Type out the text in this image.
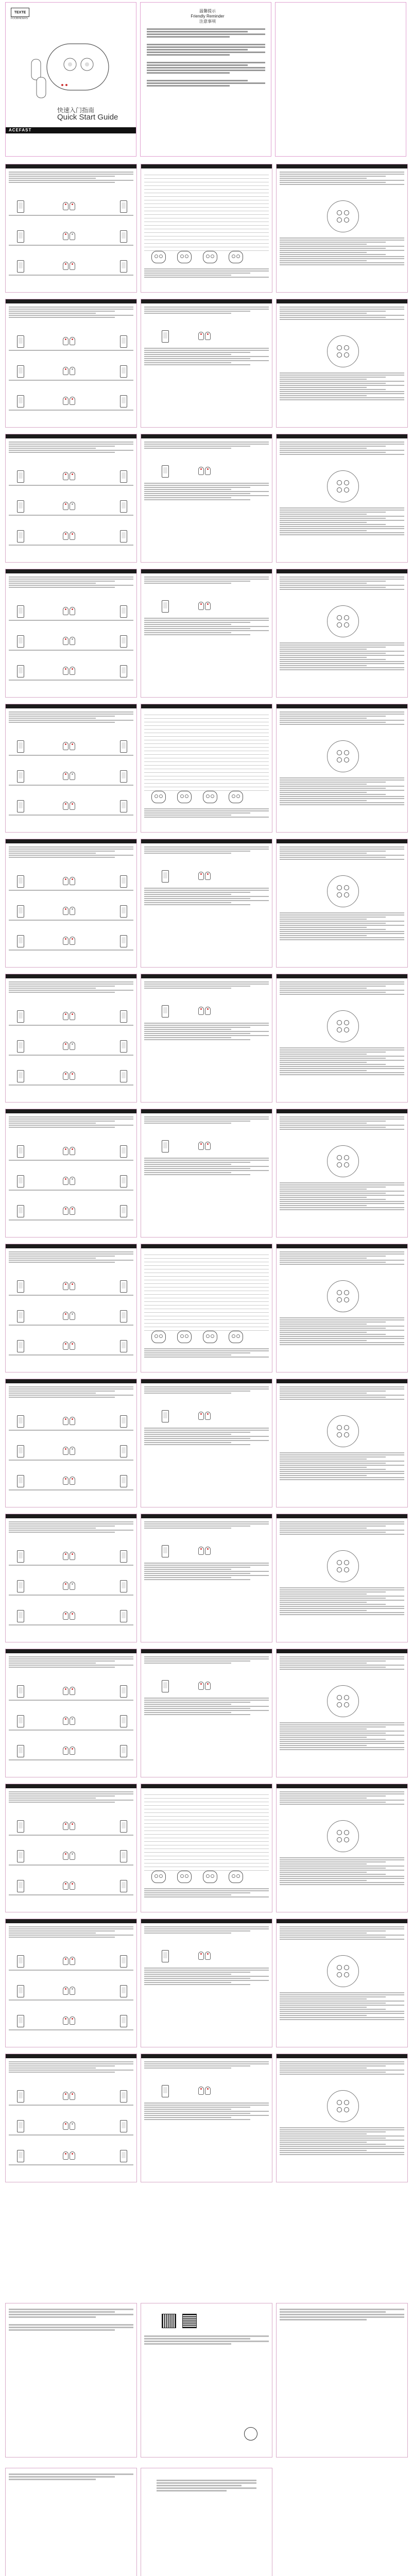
TEXTE
FOOBINDERS
快速入门指南
Quick Start Guide
ACEFAST
温馨提示
Friendly Reminder
注意事項
